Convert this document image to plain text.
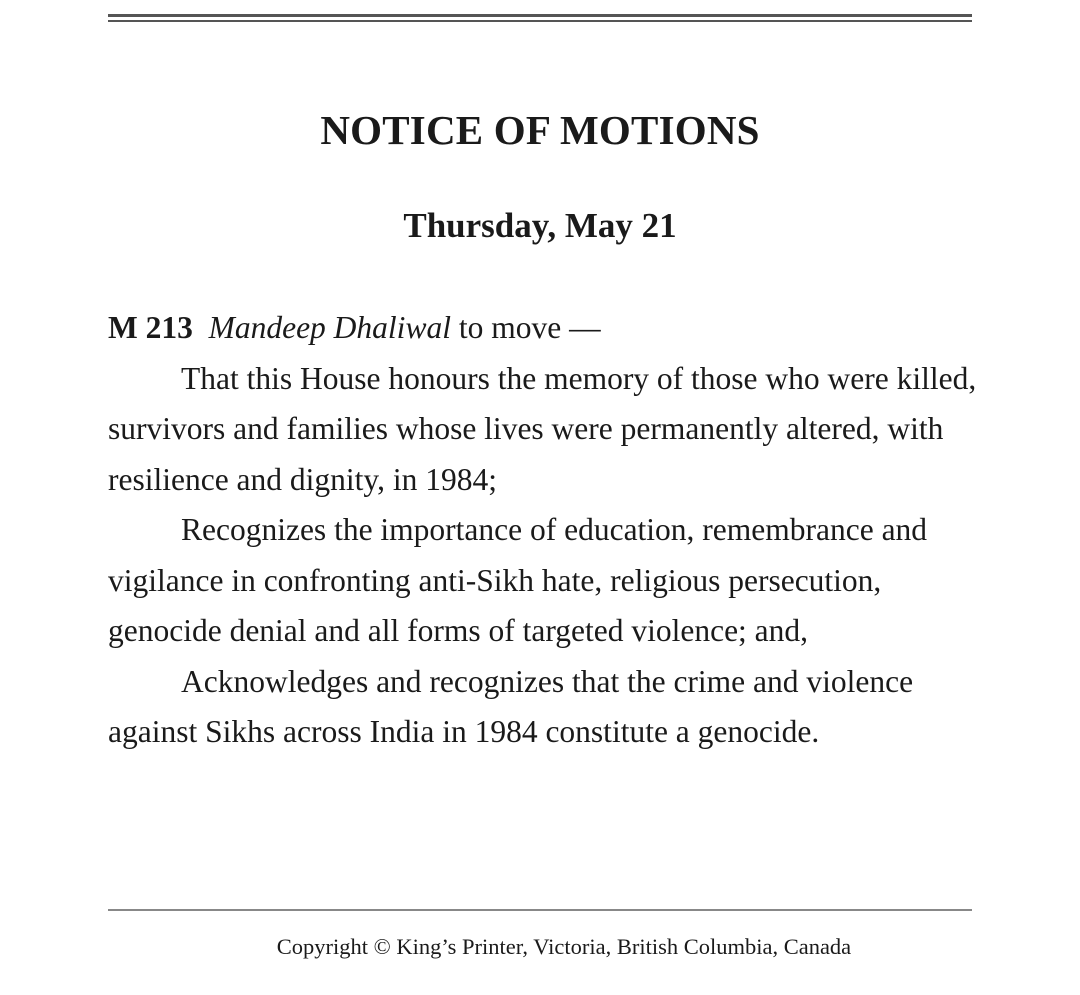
NOTICE OF MOTIONS
Thursday, May 21

M 213 Mandeep Dhaliwal to move —

That this House honours the memory of those who were killed, survivors and families whose lives were permanently altered, with resilience and dignity, in 1984;

Recognizes the importance of education, remembrance and vigilance in confronting anti-Sikh hate, religious persecution, genocide denial and all forms of targeted violence; and,

Acknowledges and recognizes that the crime and violence against Sikhs across India in 1984 constitute a genocide.

Copyright © King’s Printer, Victoria, British Columbia, Canada
